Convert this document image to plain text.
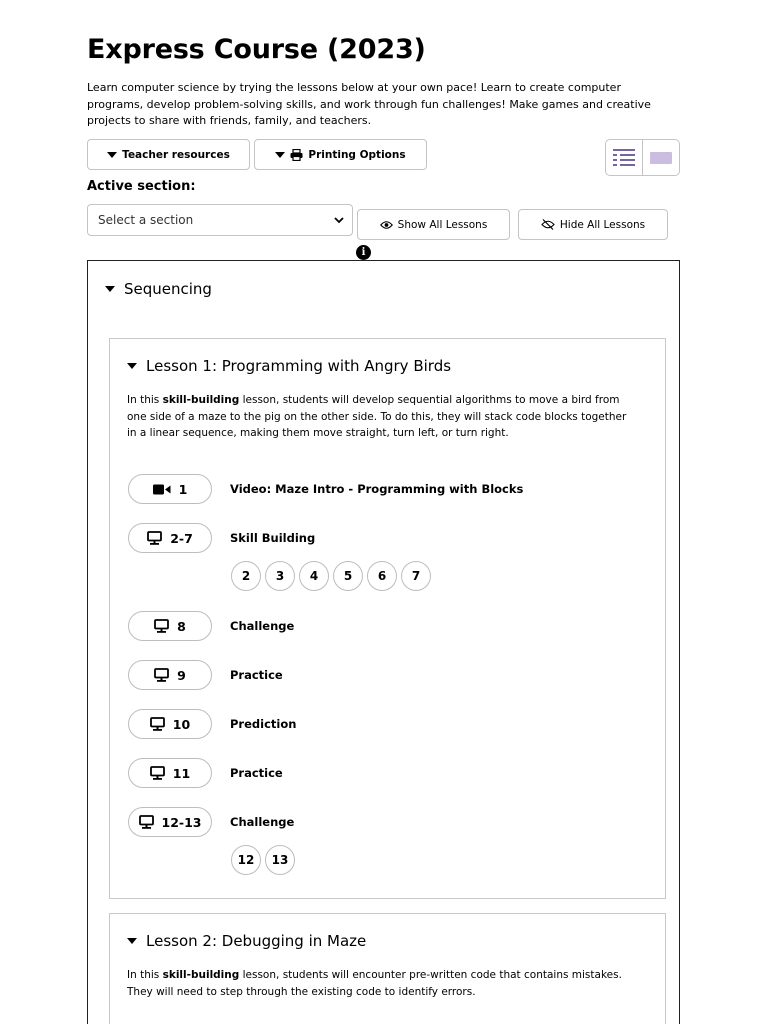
Express Course (2023)
Learn computer science by trying the lessons below at your own pace! Learn to create computer programs, develop problem-solving skills, and work through fun challenges! Make games and creative projects to share with friends, family, and teachers.
Teacher resources	Printing Options
Active section:
Select a section	Show All Lessons	Hide All Lessons
i
Sequencing
Lesson 1: Programming with Angry Birds
In this skill-building lesson, students will develop sequential algorithms to move a bird from one side of a maze to the pig on the other side. To do this, they will stack code blocks together in a linear sequence, making them move straight, turn left, or turn right.
1	Video: Maze Intro - Programming with Blocks
2-7	Skill Building
2	3	4	5	6	7
8	Challenge
9	Practice
10	Prediction
11	Practice
12-13 Challenge
12	13
Lesson 2: Debugging in Maze
In this skill-building lesson, students will encounter pre-written code that contains mistakes. They will need to step through the existing code to identify errors.
